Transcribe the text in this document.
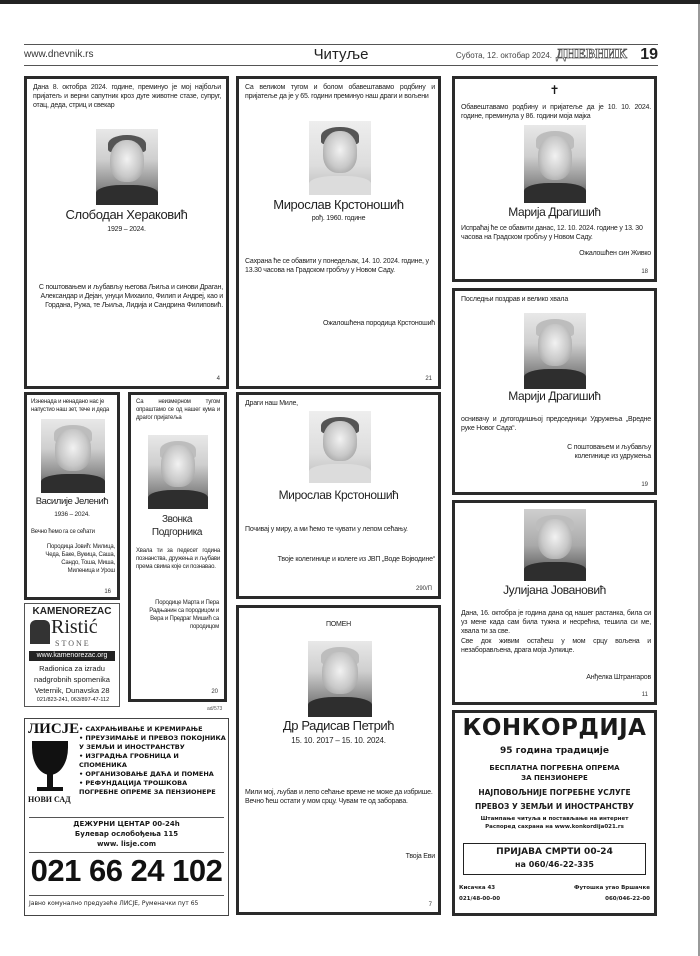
www.dnevnik.rs	Читуље	Субота, 12. октобар 2024. ДНЕВНИК 19
Дана 8. октобра 2024. године, преминуо је мој најбољи пријатељ и верни сапутник кроз дуге животне стазе, супруг, отац, деда, стриц и свекар
Слободан Хераковић
1929 – 2024.
С поштовањем и љубављу његова Љиља и синови Драган, Александар и Дејан, унуци Михаило, Филип и Андреј, као и Гордана, Ружа, те Љиља, Лидија и Сандрина Филиповић.
4
Са великом тугом и болом обавештавамо родбину и пријатеље да је у 65. години преминуо наш драги и вољени
Мирослав Крстоношић
рођ. 1960. године
Сахрана ће се обавити у понедељак, 14. 10. 2024. године, у 13.30 часова на Градском гробљу у Новом Саду.
Ожалошћена породица Крстоношић
21
✝
Обавештавамо родбину и пријатеље да је 10. 10. 2024. године, преминула у 86. години моја мајка
Марија Драгишић
Испраћај ће се обавити данас, 12. 10. 2024. године у 13. 30 часова на Градском гробљу у Новом Саду.
Ожалошћен син Живко
18
Последњи поздрав и велико хвала
Марији Драгишић
оснивачу и дугогодишњој председници Удружења „Вредне руке Новог Сада“.
С поштовањем и љубављу колегинице из удружења
19
Изненада и ненадано нас је напустио наш зет, тече и деда
Василије Јеленић
1936 – 2024.
Вечно ћемо га се сећати
Породица Јовић: Милица, Чеда, Баке, Вукица, Саша, Сандо, Тоша, Миша, Миленица и Урош
16
KAMENOREZAC
Ristić
STONE
www.kamenorezac.org
Radionica za izradu
nadgrobnih spomenika
Veternik, Dunavska 28
021/823-241, 063/897-47-112
Са неизмерном тугом опраштамо се од нашег кума и драгог пријатеља
Звонка Подгорника
Хвала ти за педесет година познанства, дружења и љубави према свима које си познавао.
Породице Марта и Пера Радњанин са породицом и Вера и Предраг Мишић са породицом
20
ad/573
Драги наш Миле,
Мирослав Крстоношић
Почивај у миру, а ми ћемо те чувати у лепом сећању.
Твоје колегинице и колеге из ЈВП „Воде Војводине“
290/П	Јулијана Јовановић
Дана, 16. октобра је година дана од нашег растанка, била си уз мене када сам била тужна и несрећна, тешила си ме, хвала ти за све.
Све док живим остаћеш у мом срцу вољена и незаборављена, драга моја Јулкице.
Анђелка Штрангаров
11
ПОМЕН
Др Радисав Петрић
15. 10. 2017 – 15. 10. 2024.
Мили мој, љубав и лепо сећање време не може да избрише. Вечно ћеш остати у мом срцу. Чувам те од заборава.
Твоја Еви
7
ЛИСЈЕ
НОВИ САД
• САХРАЊИВАЊЕ И КРЕМИРАЊЕ
• ПРЕУЗИМАЊЕ И ПРЕВОЗ ПОКОЈНИКА У ЗЕМЉИ И ИНОСТРАНСТВУ
• ИЗГРАДЊА ГРОБНИЦА И СПОМЕНИКА
• ОРГАНИЗОВАЊЕ ДАЋА И ПОМЕНА
• РЕФУНДАЦИЈА ТРОШКОВА ПОГРЕБНЕ ОПРЕМЕ ЗА ПЕНЗИОНЕРЕ
ДЕЖУРНИ ЦЕНТАР 00-24h
Булевар ослобођења 115
www. lisje.com
021 66 24 102
Јавно комунално предузеће ЛИСЈЕ, Руменачки пут 65
КОНКОРДИЈА
95 година традиције
БЕСПЛАТНА ПОГРЕБНА ОПРЕМА
ЗА ПЕНЗИОНЕРЕ
НАЈПОВОЉНИЈЕ ПОГРЕБНЕ УСЛУГЕ
ПРЕВОЗ У ЗЕМЉИ И ИНОСТРАНСТВУ
Штампање читуља и постављање на интернет
Распоред сахрана на www.konkordija021.rs
ПРИЈАВА СМРТИ 00-24
на 060/46-22-335
Кисачка 43
021/48-00-00
Футошка угао Вршачке
060/046-22-00
